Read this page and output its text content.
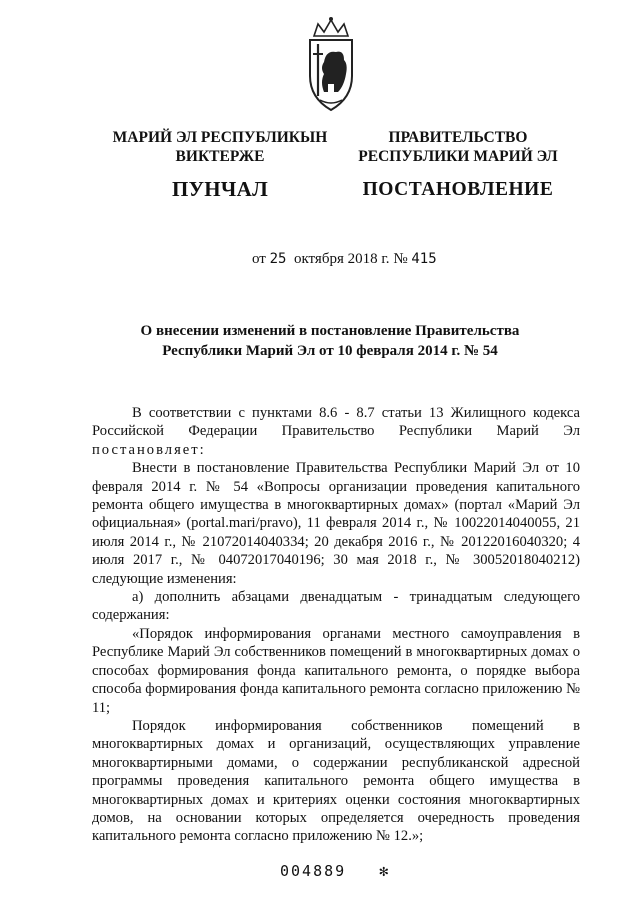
МАРИЙ ЭЛ РЕСПУБЛИКЫН
ВИКТЕРЖЕ
ПУНЧАЛ
ПРАВИТЕЛЬСТВО
РЕСПУБЛИКИ МАРИЙ ЭЛ
ПОСТАНОВЛЕНИЕ
от 25 октября 2018 г. № 415
О внесении изменений в постановление Правительства
Республики Марий Эл от 10 февраля 2014 г. № 54

В соответствии с пунктами 8.6 - 8.7 статьи 13 Жилищного кодекса Российской Федерации Правительство Республики Марий Эл постановляет:

Внести в постановление Правительства Республики Марий Эл от 10 февраля 2014 г. № 54 «Вопросы организации проведения капитального ремонта общего имущества в многоквартирных домах» (портал «Марий Эл официальная» (portal.mari/pravo), 11 февраля 2014 г., № 10022014040055, 21 июля 2014 г., № 21072014040334; 20 декабря 2016 г., № 20122016040320; 4 июля 2017 г., № 04072017040196; 30 мая 2018 г., № 30052018040212) следующие изменения:

а) дополнить абзацами двенадцатым - тринадцатым следующего содержания:

«Порядок информирования органами местного самоуправления в Республике Марий Эл собственников помещений в многоквартирных домах о способах формирования фонда капитального ремонта, о порядке выбора способа формирования фонда капитального ремонта согласно приложению № 11;

Порядок информирования собственников помещений в многоквартирных домах и организаций, осуществляющих управление многоквартирными домами, о содержании республиканской адресной программы проведения капитального ремонта общего имущества в многоквартирных домах и критериях оценки состояния многоквартирных домов, на основании которых определяется очередность проведения капитального ремонта согласно приложению № 12.»;

004889 ✻
